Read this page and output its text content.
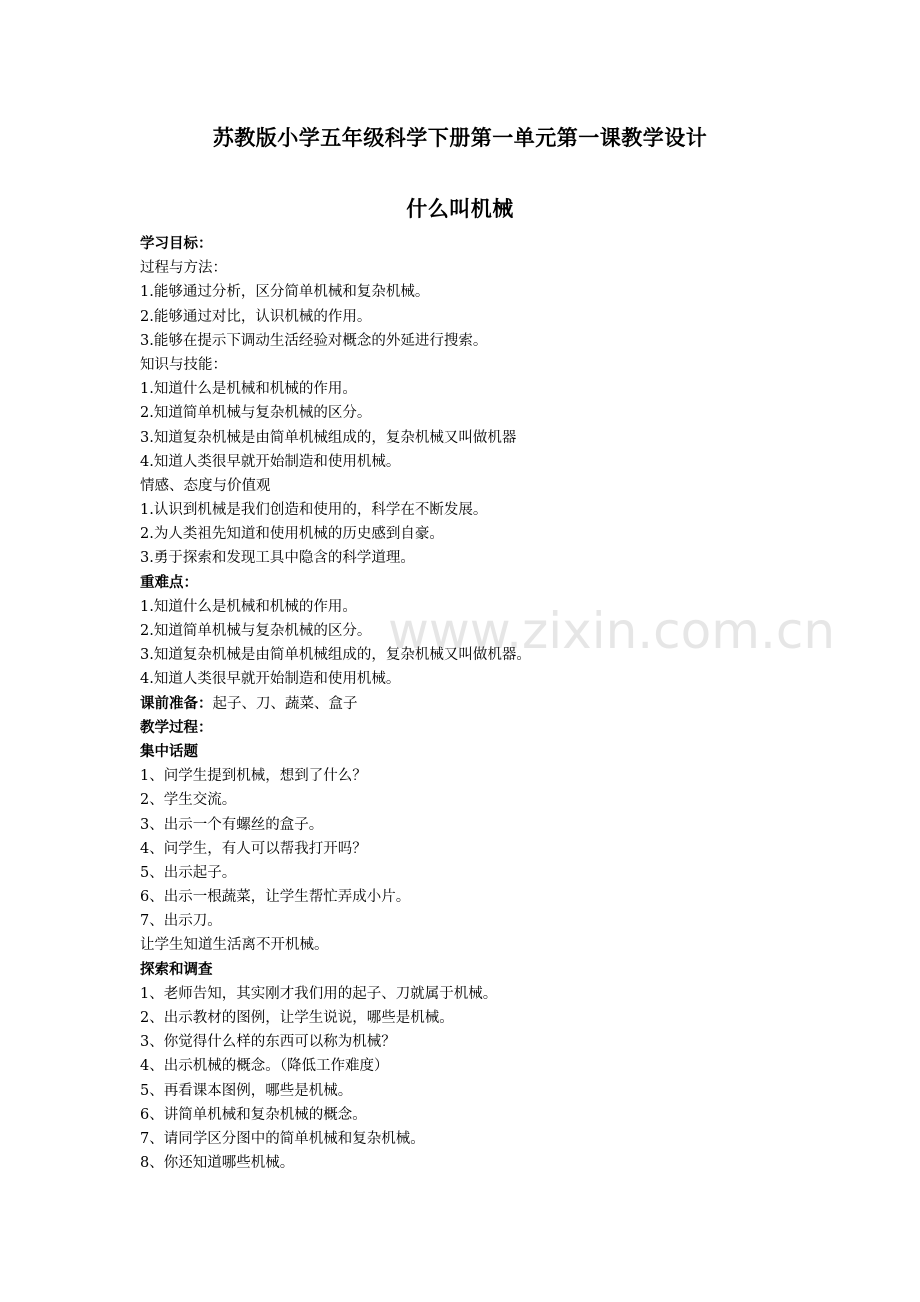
苏教版小学五年级科学下册第一单元第一课教学设计
什么叫机械
www.zixin.com.cn
学习目标：
过程与方法：
1.能够通过分析，区分简单机械和复杂机械。
2.能够通过对比，认识机械的作用。
3.能够在提示下调动生活经验对概念的外延进行搜索。
知识与技能：
1.知道什么是机械和机械的作用。
2.知道简单机械与复杂机械的区分。
3.知道复杂机械是由简单机械组成的，复杂机械又叫做机器
4.知道人类很早就开始制造和使用机械。
情感、态度与价值观
1.认识到机械是我们创造和使用的，科学在不断发展。
2.为人类祖先知道和使用机械的历史感到自豪。
3.勇于探索和发现工具中隐含的科学道理。
重难点：
1.知道什么是机械和机械的作用。
2.知道简单机械与复杂机械的区分。
3.知道复杂机械是由简单机械组成的，复杂机械又叫做机器。
4.知道人类很早就开始制造和使用机械。
课前准备：起子、刀、蔬菜、盒子
教学过程：
集中话题
1、问学生提到机械，想到了什么？
2、学生交流。
3、出示一个有螺丝的盒子。
4、问学生，有人可以帮我打开吗？
5、出示起子。
6、出示一根蔬菜，让学生帮忙弄成小片。
7、出示刀。
让学生知道生活离不开机械。
探索和调查
1、老师告知，其实刚才我们用的起子、刀就属于机械。
2、出示教材的图例，让学生说说，哪些是机械。
3、你觉得什么样的东西可以称为机械？
4、出示机械的概念。（降低工作难度）
5、再看课本图例，哪些是机械。
6、讲简单机械和复杂机械的概念。
7、请同学区分图中的简单机械和复杂机械。
8、你还知道哪些机械。
